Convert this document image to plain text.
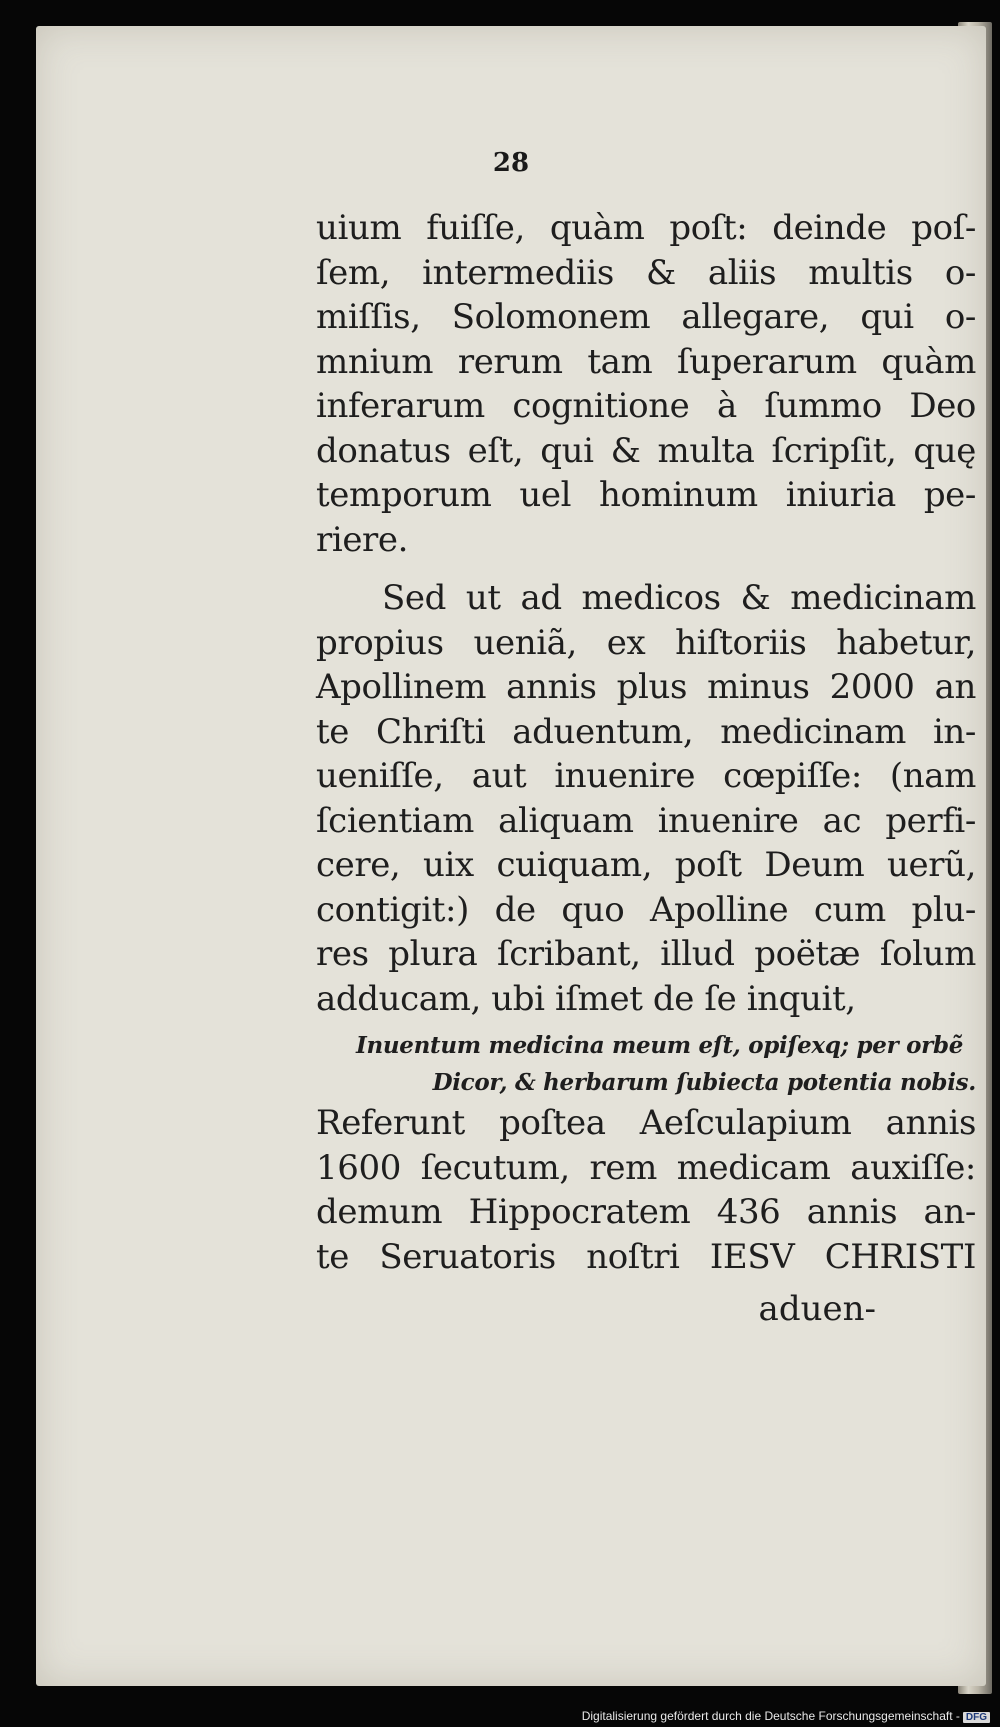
28
uium fuiſſe, quàm poſt: deinde poſ-
ſem, intermediis & aliis multis o-
miſſis, Solomonem allegare, qui o-
mnium rerum tam ſuperarum quàm
inferarum cognitione à ſummo Deo
donatus eſt, qui & multa ſcripſit, quę
temporum uel hominum iniuria pe-
riere.
Sed ut ad medicos & medicinam
propius ueniã, ex hiſtoriis habetur,
Apollinem annis plus minus 2000 an
te Chriſti aduentum, medicinam in-
ueniſſe, aut inuenire cœpiſſe: (nam
ſcientiam aliquam inuenire ac perfi-
cere, uix cuiquam, poſt Deum uerũ,
contigit:) de quo Apolline cum plu-
res plura ſcribant, illud poëtæ ſolum
adducam, ubi iſmet de ſe inquit,
Inuentum medicina meum eſt, opiſexq; per orbẽ
Dicor, & herbarum ſubiecta potentia nobis.
Referunt poſtea Aeſculapium annis
1600 ſecutum, rem medicam auxiſſe:
demum Hippocratem 436 annis an-
te Seruatoris noſtri IESV CHRISTI
aduen-
Digitalisierung gefördert durch die Deutsche Forschungsgemeinschaft - DFG
